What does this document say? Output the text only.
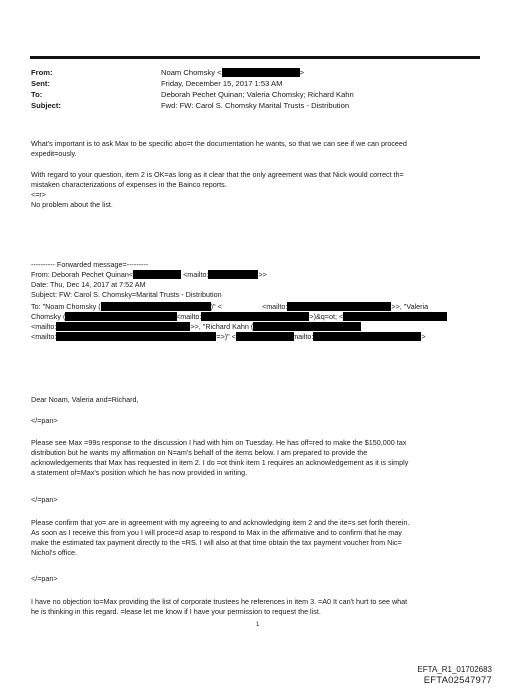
From:	Noam Chomsky <	>
Sent:	Friday, December 15, 2017 1:53 AM
To:	Deborah Pechet Quinan; Valeria Chomsky; Richard Kahn
Subject:	Fwd: FW: Carol S. Chomsky Marital Trusts - Distribution
What's important is to ask Max to be specific abo=t the documentation he wants, so that we can see if we can proceed
expedit=ously.
With regard to your question, item 2 is OK=as long as it clear that the only agreement was that Nick would correct th=
mistaken characterizations of expenses in the Bainco reports.
<=r>
No problem about the list.
---------- Forwarded message=---------
From: Deborah Pechet Quinan<	<mailto:	>>
Date: Thu, Dec 14, 2017 at 7:52 AM
Subject: FW: Carol S. Chomsky=Marital Trusts - Distribution
To: "Noam Chomsky (	)" <	<mailto:	>>, "Valeria
Chomsky (	<mailto:	>)&q=ot; <
<mailto:	>>, "Richard Kahn (
<mailto:	=>)" <	<mailto:	>
Dear Noam, Valeria and=Richard,
</=pan>
Please see Max =99s response to the discussion I had with him on Tuesday. He has off=red to make the $150,000 tax
distribution but he wants my affirmation on N=am's behalf of the items below. I am prepared to provide the
acknowledgements that Max has requested in item 2. I do =ot think item 1 requires an acknowledgement as it is simply
a statement of=Max's position which he has now provided in writing.
</=pan>
Please confirm that yo= are in agreement with my agreeing to and acknowledging item 2 and the ite=s set forth therein.
As soon as I receive this from you I will proce=d asap to respond to Max in the affirmative and to confirm that he may
make the estimated tax payment directly to the =RS. I will also at that time obtain the tax payment voucher from Nic=
Nichol's office.
</=pan>
I have no objection to=Max providing the list of corporate trustees he references in item 3. =A0 It can't hurt to see what
he is thinking in this regard. =lease let me know if I have your permission to request the list.
1
EFTA_R1_01702683
EFTA02547977
